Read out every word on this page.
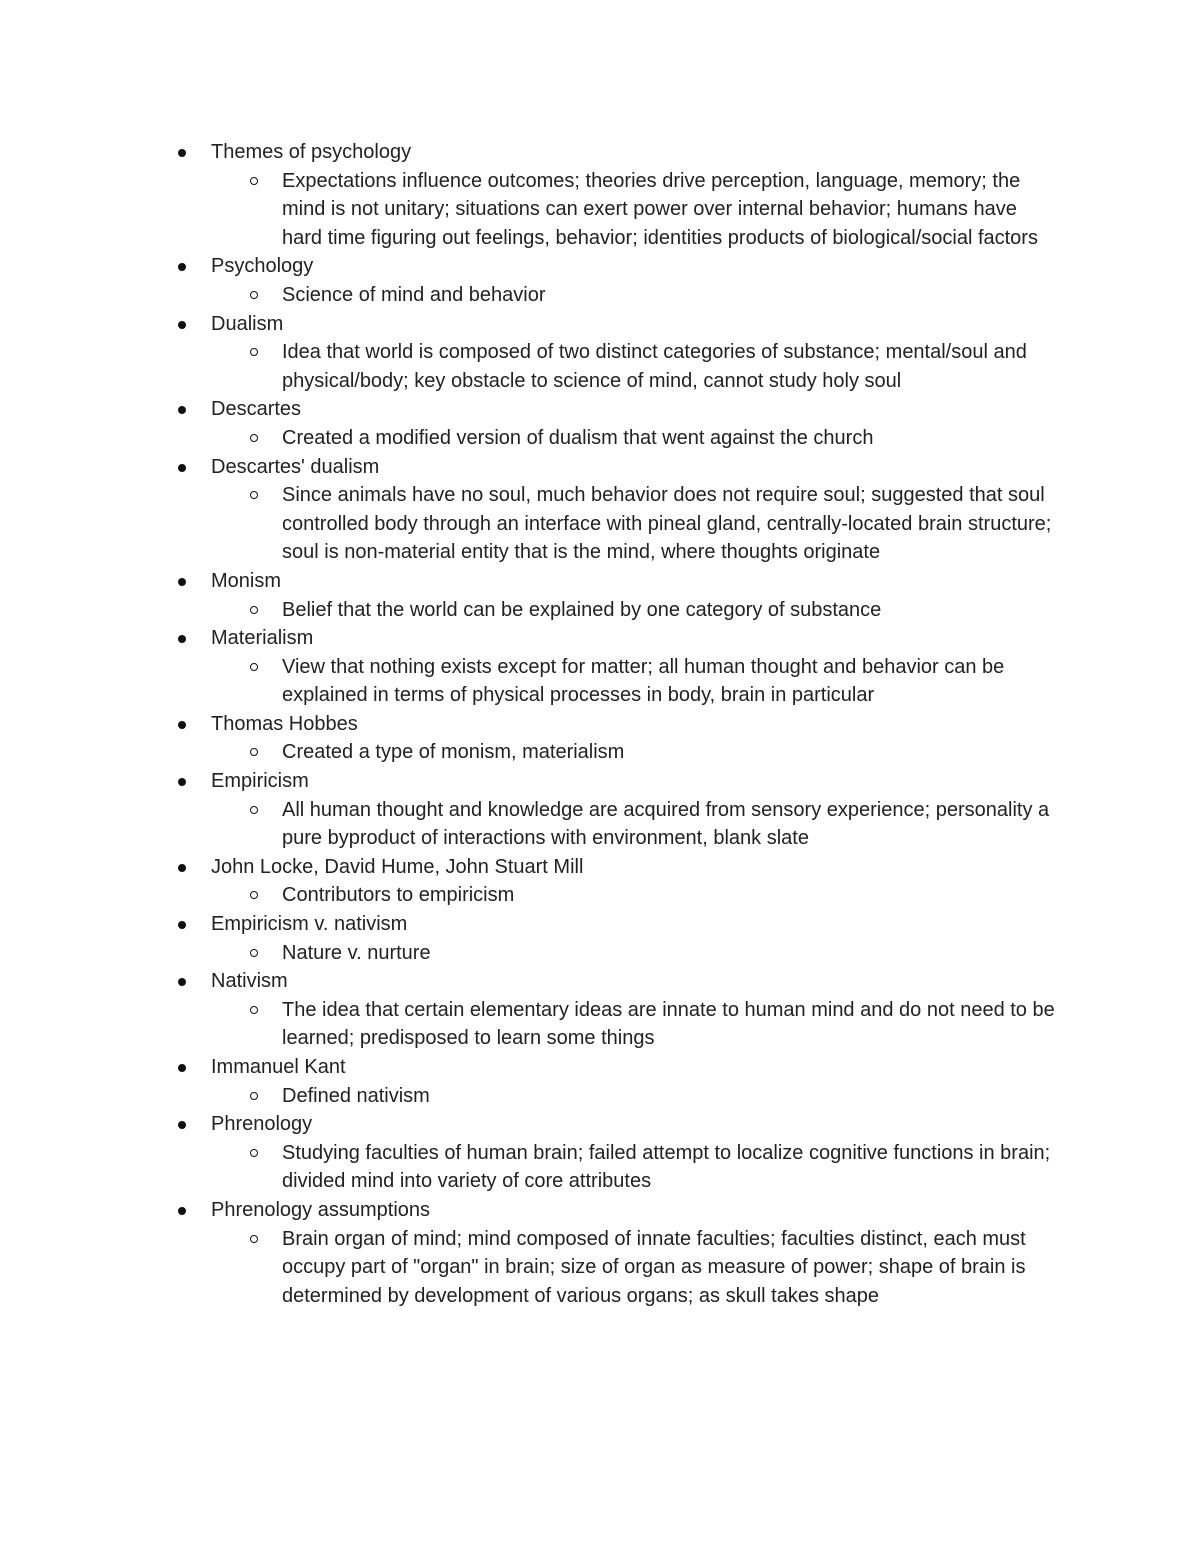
Themes of psychology
Expectations influence outcomes; theories drive perception, language, memory; the mind is not unitary; situations can exert power over internal behavior; humans have hard time figuring out feelings, behavior; identities products of biological/social factors
Psychology
Science of mind and behavior
Dualism
Idea that world is composed of two distinct categories of substance; mental/soul and physical/body; key obstacle to science of mind, cannot study holy soul
Descartes
Created a modified version of dualism that went against the church
Descartes' dualism
Since animals have no soul, much behavior does not require soul; suggested that soul controlled body through an interface with pineal gland, centrally-located brain structure; soul is non-material entity that is the mind, where thoughts originate
Monism
Belief that the world can be explained by one category of substance
Materialism
View that nothing exists except for matter; all human thought and behavior can be explained in terms of physical processes in body, brain in particular
Thomas Hobbes
Created a type of monism, materialism
Empiricism
All human thought and knowledge are acquired from sensory experience; personality a pure byproduct of interactions with environment, blank slate
John Locke, David Hume, John Stuart Mill
Contributors to empiricism
Empiricism v. nativism
Nature v. nurture
Nativism
The idea that certain elementary ideas are innate to human mind and do not need to be learned; predisposed to learn some things
Immanuel Kant
Defined nativism
Phrenology
Studying faculties of human brain; failed attempt to localize cognitive functions in brain; divided mind into variety of core attributes
Phrenology assumptions
Brain organ of mind; mind composed of innate faculties; faculties distinct, each must occupy part of "organ" in brain; size of organ as measure of power; shape of brain is determined by development of various organs; as skull takes shape
